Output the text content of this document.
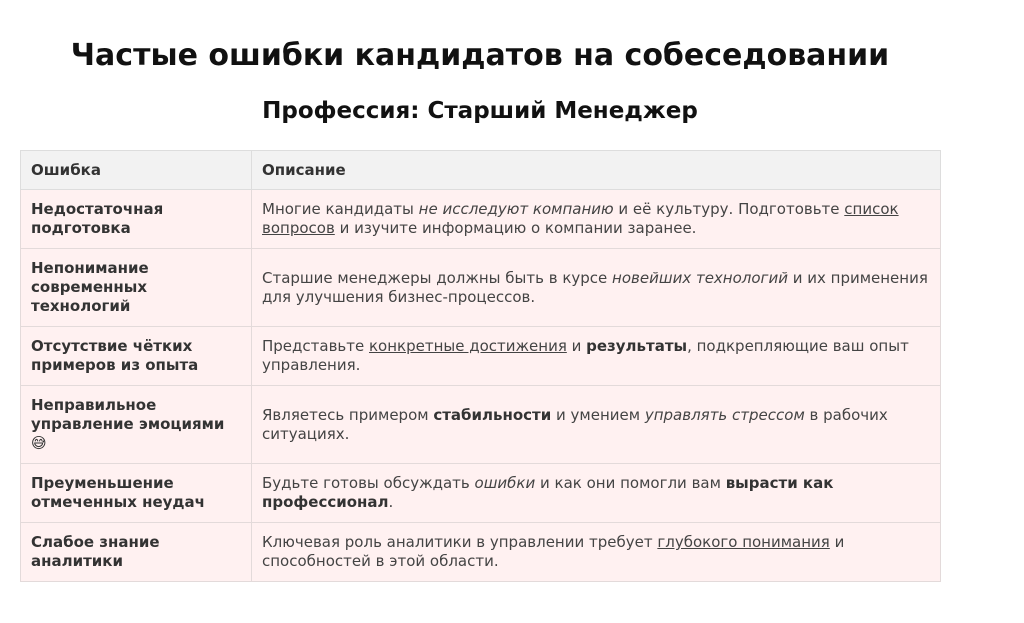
Частые ошибки кандидатов на собеседовании
Профессия: Старший Менеджер
Ошибка	Описание
Недостаточная подготовка	Многие кандидаты не исследуют компанию и её культуру. Подготовьте список вопросов и изучите информацию о компании заранее.
Непонимание современных технологий	Старшие менеджеры должны быть в курсе новейших технологий и их применения для улучшения бизнес-процессов.
Отсутствие чётких примеров из опыта	Представьте конкретные достижения и результаты, подкрепляющие ваш опыт управления.
Неправильное управление эмоциями 😅	Являетесь примером стабильности и умением управлять стрессом в рабочих ситуациях.
Преуменьшение отмеченных неудач	Будьте готовы обсуждать ошибки и как они помогли вам вырасти как профессионал.
Слабое знание аналитики	Ключевая роль аналитики в управлении требует глубокого понимания и способностей в этой области.
